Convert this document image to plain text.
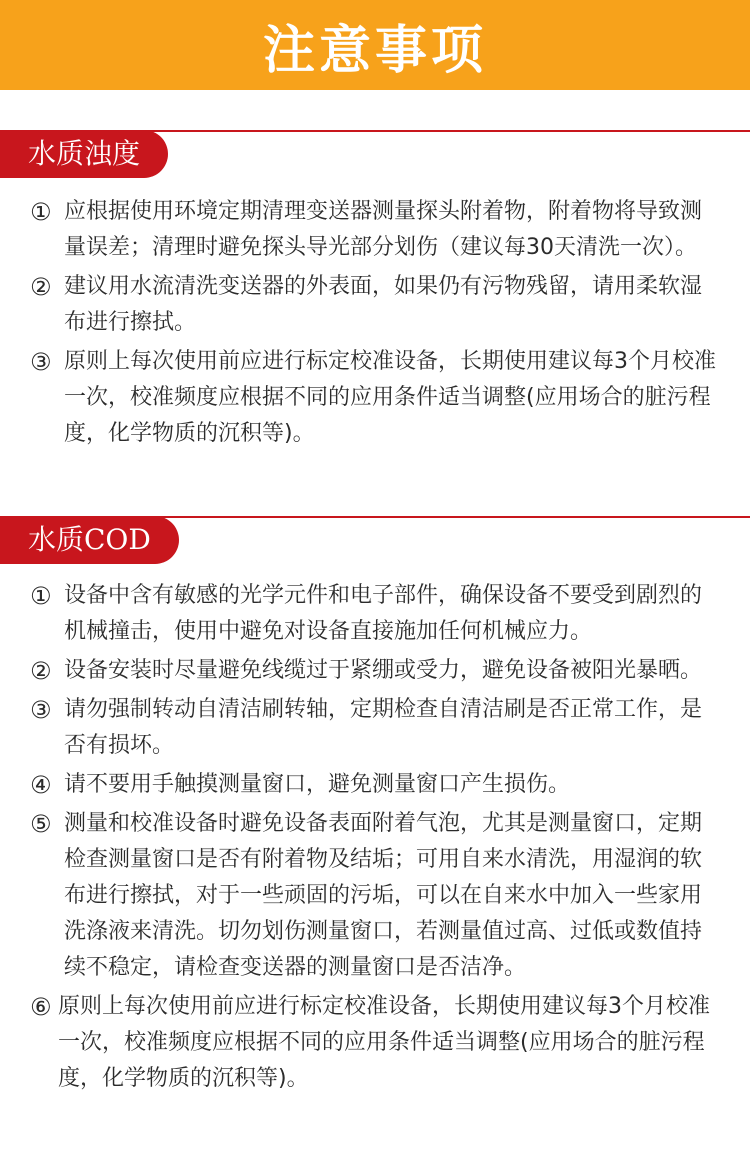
注意事项
水质浊度
① 应根据使用环境定期清理变送器测量探头附着物，附着物将导致测量误差；清理时避免探头导光部分划伤（建议每30天清洗一次）。
② 建议用水流清洗变送器的外表面，如果仍有污物残留，请用柔软湿布进行擦拭。
③ 原则上每次使用前应进行标定校准设备，长期使用建议每3个月校准一次，校准频度应根据不同的应用条件适当调整(应用场合的脏污程度，化学物质的沉积等)。
水质COD
① 设备中含有敏感的光学元件和电子部件，确保设备不要受到剧烈的机械撞击，使用中避免对设备直接施加任何机械应力。
② 设备安装时尽量避免线缆过于紧绷或受力，避免设备被阳光暴晒。
③ 请勿强制转动自清洁刷转轴，定期检查自清洁刷是否正常工作，是否有损坏。
④ 请不要用手触摸测量窗口，避免测量窗口产生损伤。
⑤ 测量和校准设备时避免设备表面附着气泡，尤其是测量窗口，定期检查测量窗口是否有附着物及结垢；可用自来水清洗，用湿润的软布进行擦拭，对于一些顽固的污垢，可以在自来水中加入一些家用洗涤液来清洗。切勿划伤测量窗口，若测量值过高、过低或数值持续不稳定，请检查变送器的测量窗口是否洁净。
⑥ 原则上每次使用前应进行标定校准设备，长期使用建议每3个月校准一次，校准频度应根据不同的应用条件适当调整(应用场合的脏污程度，化学物质的沉积等)。
